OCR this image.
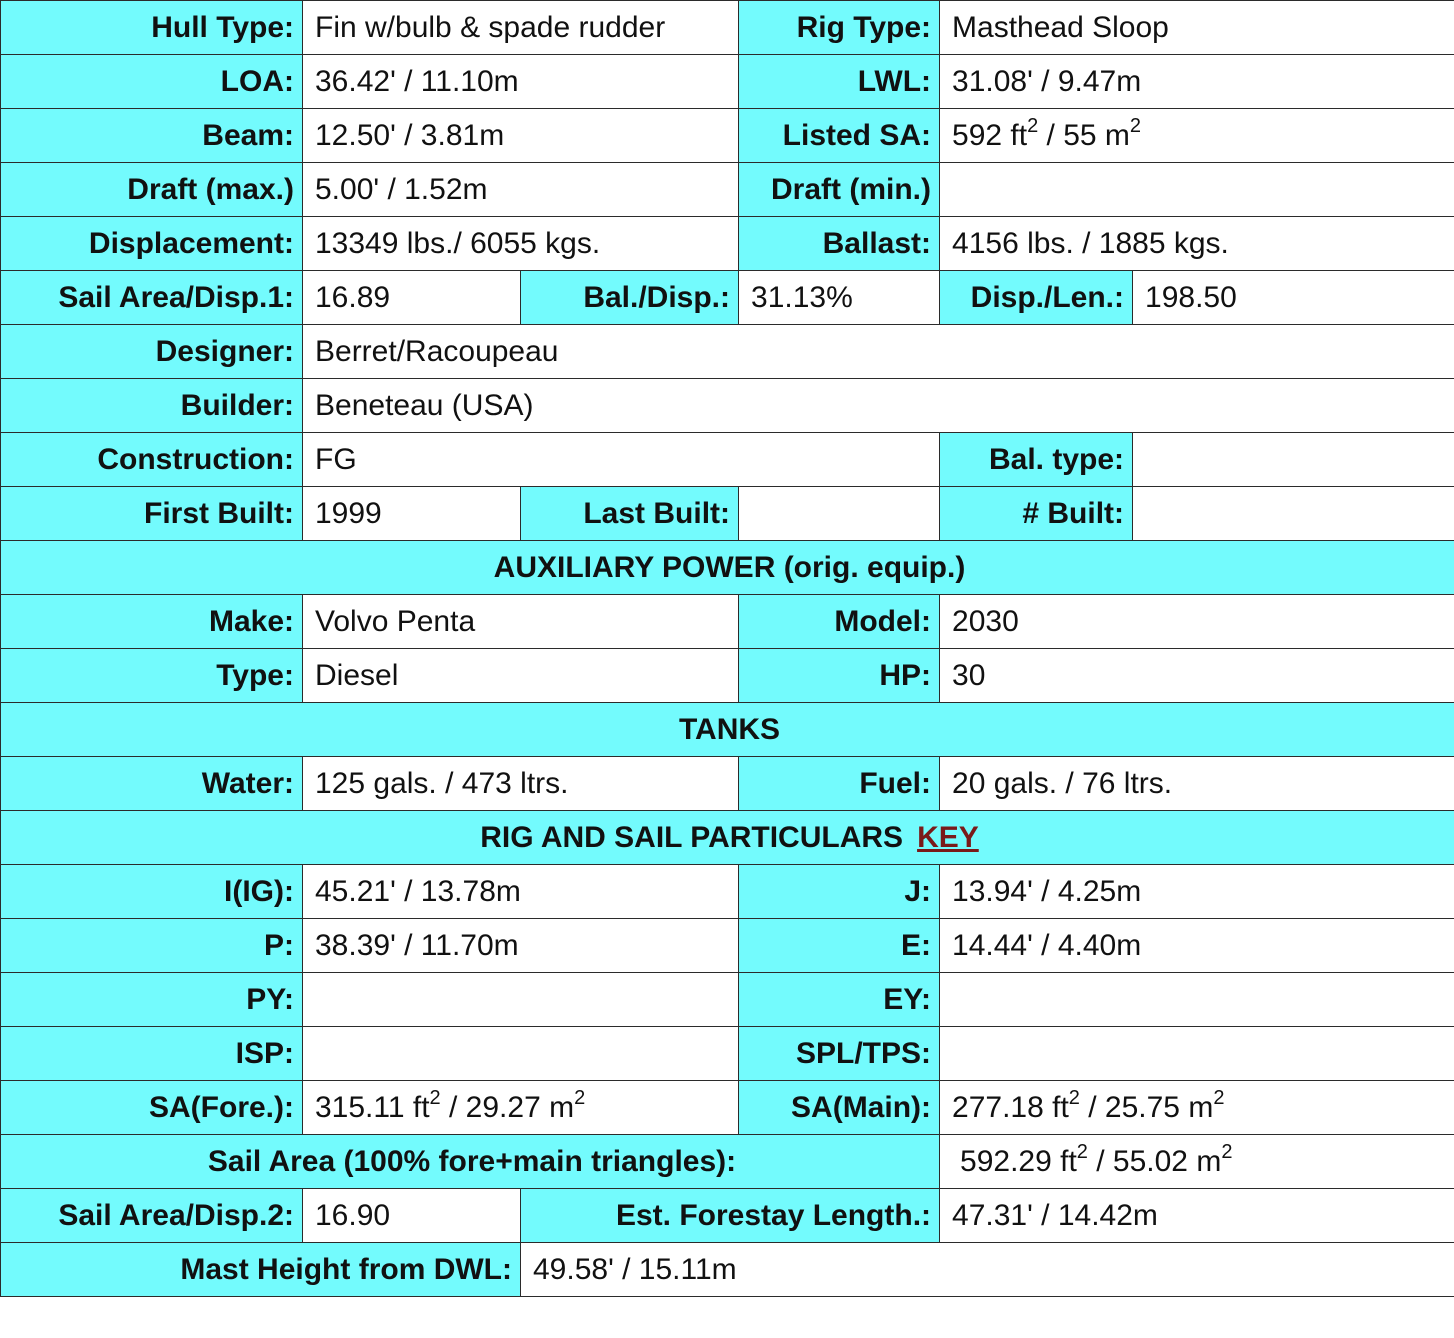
Hull Type:	Fin w/bulb & spade rudder		Rig Type:	Masthead Sloop	
LOA:	36.42' / 11.10m		LWL:	31.08' / 9.47m	
Beam:	12.50' / 3.81m		Listed SA:	592 $ft^2 / 55$ $m^2$
Draft (max.)	5.00' / 1.52m		Draft (min.)		
Displacement:	13349 lbs./ 6055 kgs.		Ballast:	4156 lbs. / 1885 kgs.	
Sail Area/Disp.1:	16.89	Bal./Disp.:	31.13%	Disp./Len.:	198.50
Designer:	Berret/Racoupeau				
Builder:	Beneteau (USA)				
Construction:	FG			Bal. type:	
First Built:	1999	Last Built:		# Built:	
AUXILIARY POWER (orig. equip.)					
Make:	Volvo Penta		Model:	2030	
Type:	Diesel		HP:	30	
TANKS					
Water:	125 gals. / 473 ltrs.		Fuel:	20 gals. / 76 ltrs.	
RIG AND SAIL PARTICULARS KEY					
I(IG):	45.21' / 13.78m		J:	13.94' / 4.25m	
P:	38.39' / 11.70m		E:	14.44' / 4.40m	
PY:			EY:		
ISP:			SPL/TPS:		
SA(Fore.):	315.11 $ft^2 / 29.27$ $m^2$		SA(Main):	277.18 $ft^2 / 25.75$ $m^2$
Sail Area (100% fore+main triangles):				592.29 $ft^2 / 55.02$ $m^2$
Sail Area/Disp.2:	16.90	Est. Forestay Length.:		47.31' / 14.42m	
Mast Height from DWL:		49.58' / 15.11m			
